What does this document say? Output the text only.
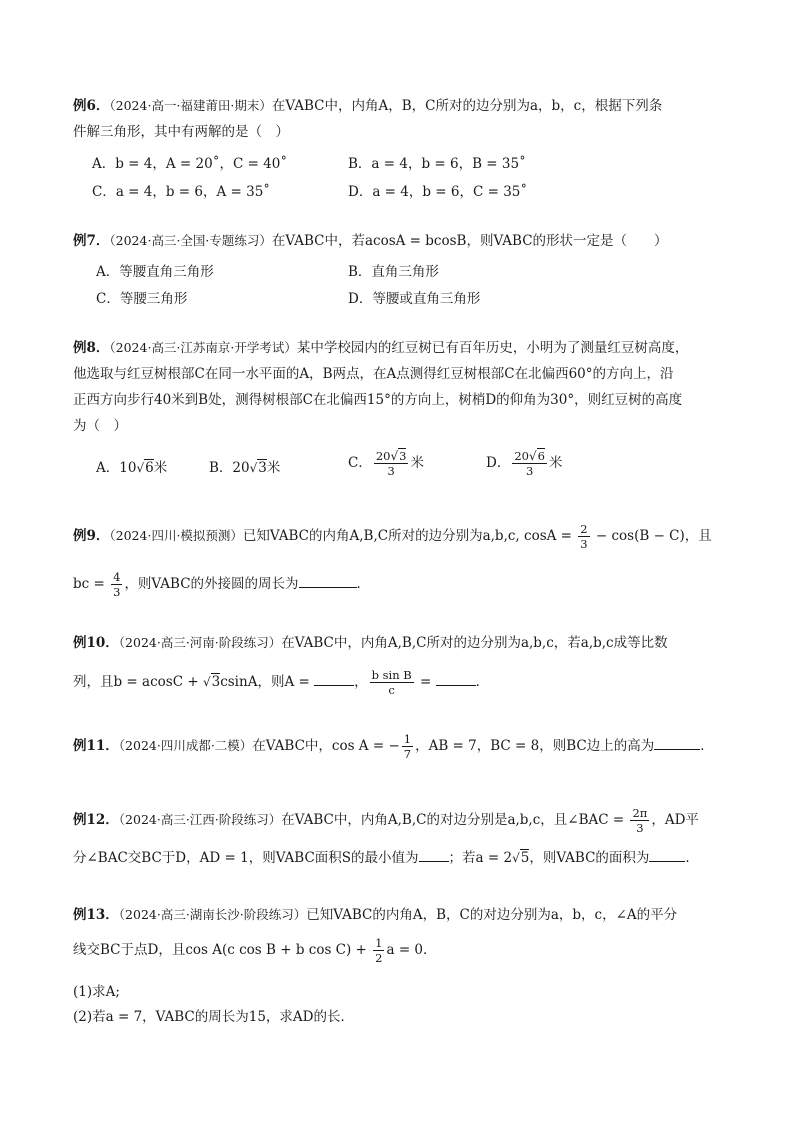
例6．（2024·高一·福建莆田·期末）在VABC中，内角A，B，C所对的边分别为a，b，c，根据下列条
件解三角形，其中有两解的是（　）
A．b = 4，A = 20˚，C = 40˚	B．a = 4，b = 6，B = 35˚
C．a = 4，b = 6，A = 35˚	D．a = 4，b = 6，C = 35˚
例7．（2024·高三·全国·专题练习）在VABC中，若acosA = bcosB，则VABC的形状一定是（　　）
A．等腰直角三角形	B．直角三角形
C．等腰三角形	D．等腰或直角三角形
例8．（2024·高三·江苏南京·开学考试）某中学校园内的红豆树已有百年历史，小明为了测量红豆树高度，
他选取与红豆树根部C在同一水平面的A，B两点，在A点测得红豆树根部C在北偏西60°的方向上，沿
正西方向步行40米到B处，测得树根部C在北偏西15°的方向上，树梢D的仰角为30°，则红豆树的高度
为（　）
A．10√6米	B．20√3米	C． $\frac{20√3}{3}$ 米	D． $\frac{20√6}{3}$ 米
例9．（2024·四川·模拟预测）已知VABC的内角A,B,C所对的边分别为a,b,c, $\cos A = \frac{2}{3} - \cos(B - C)$，且
bc = $\frac{4}{3}$ ，则VABC的外接圆的周长为	．
例10．（2024·高三·河南·阶段练习）在VABC中，内角A,B,C所对的边分别为a,b,c，若a,b,c成等比数
列，且b = acosC + √3csinA，则A =	， $\frac{\text{b sin B}}{c}$ =	．
例11．（2024·四川成都·二模）在VABC中，cos A = − $\frac{1}{7}$ ，AB = 7，BC = 8，则BC边上的高为	．
例12．（2024·高三·江西·阶段练习）在VABC中，内角A,B,C的对边分别是a,b,c，且∠BAC = $\frac{2\pi}{3}$ ，AD平
分∠BAC交BC于D，AD = 1，则VABC面积S的最小值为 ；若a = 2√5，则VABC的面积为	．
例13．（2024·高三·湖南长沙·阶段练习）已知VABC的内角A，B，C的对边分别为a，b，c，∠A的平分
线交BC于点D，且cos A(c cos B + b $\cos C) + \frac{1}{2}$ a = 0．
(1)求A;
(2)若a = 7，VABC的周长为15，求AD的长．
